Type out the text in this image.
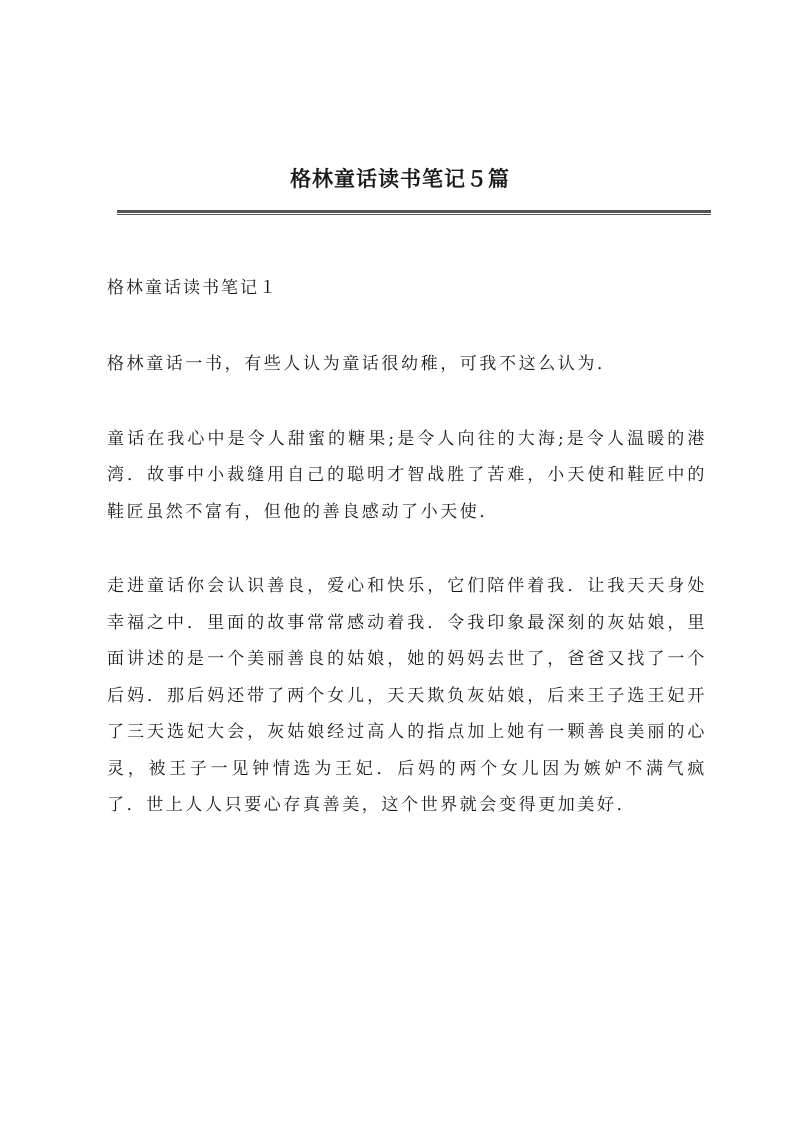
格林童话读书笔记５篇
格林童话读书笔记１

格林童话一书，有些人认为童话很幼稚，可我不这么认为．

童话在我心中是令人甜蜜的糖果;是令人向往的大海;是令人温暖的港湾．故事中小裁缝用自己的聪明才智战胜了苦难，小天使和鞋匠中的鞋匠虽然不富有，但他的善良感动了小天使．

走进童话你会认识善良，爱心和快乐，它们陪伴着我．让我天天身处幸福之中．里面的故事常常感动着我．令我印象最深刻的灰姑娘，里面讲述的是一个美丽善良的姑娘，她的妈妈去世了，爸爸又找了一个后妈．那后妈还带了两个女儿，天天欺负灰姑娘，后来王子选王妃开了三天选妃大会，灰姑娘经过高人的指点加上她有一颗善良美丽的心灵，被王子一见钟情选为王妃．后妈的两个女儿因为嫉妒不满气疯了．世上人人只要心存真善美，这个世界就会变得更加美好．
